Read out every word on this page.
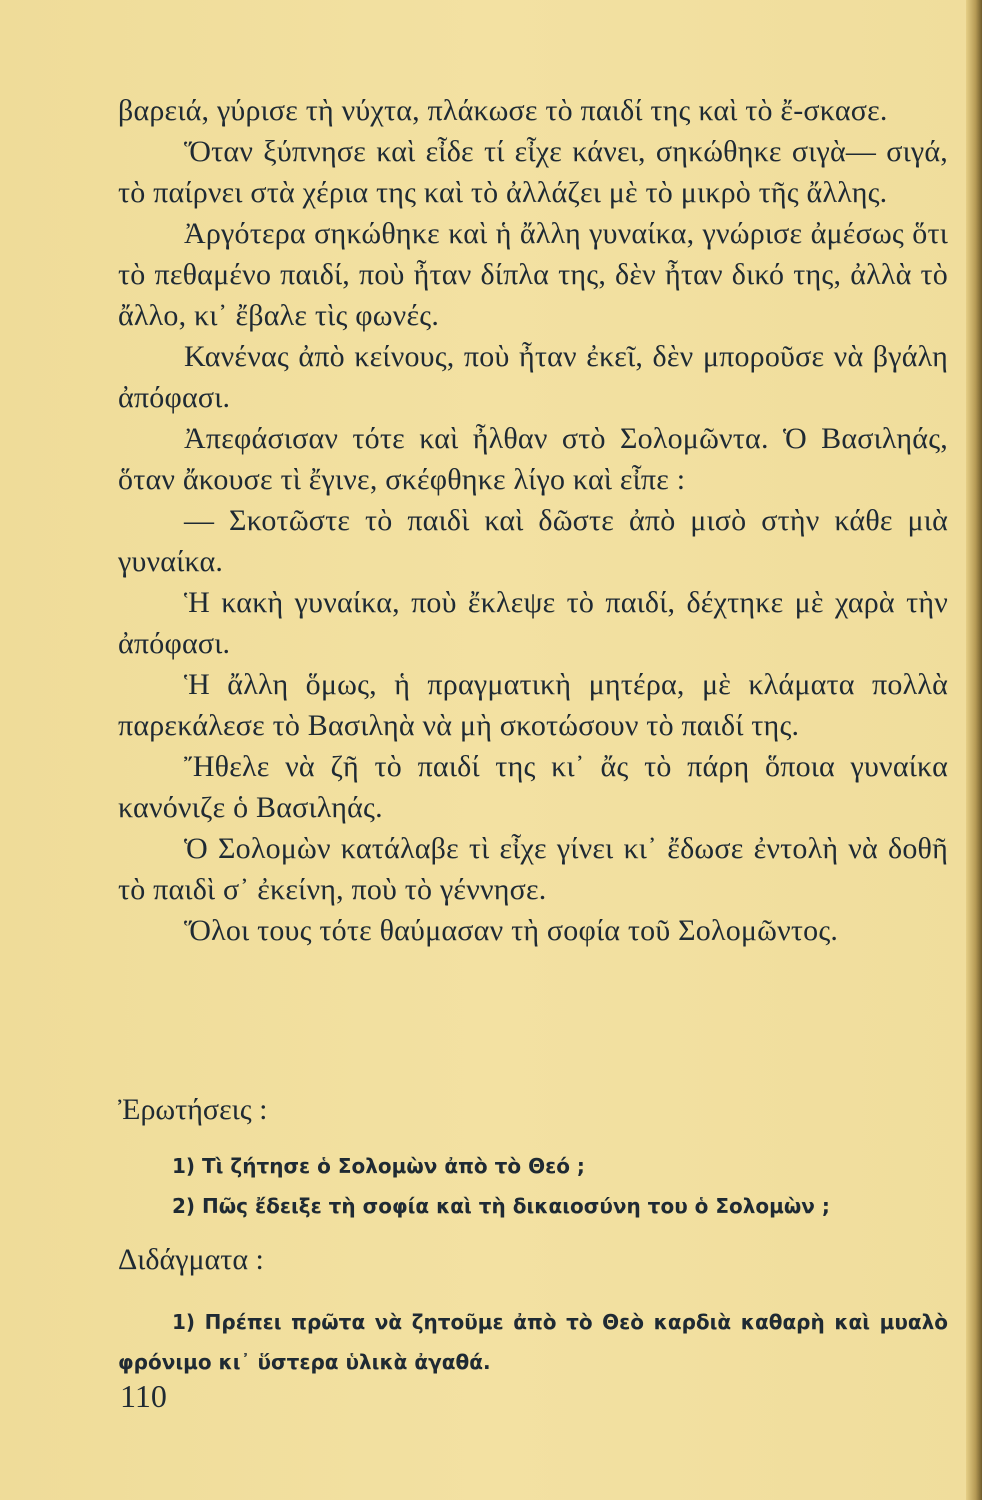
βαρειά, γύρισε τὴ νύχτα, πλάκωσε τὸ παιδί της καὶ τὸ ἔ-σκασε.

Ὅταν ξύπνησε καὶ εἶδε τί εἶχε κάνει, σηκώθηκε σιγὰ— σιγά, τὸ παίρνει στὰ χέρια της καὶ τὸ ἀλλάζει μὲ τὸ μικρὸ τῆς ἄλλης.

Ἀργότερα σηκώθηκε καὶ ἡ ἄλλη γυναίκα, γνώρισε ἀμέσως ὅτι τὸ πεθαμένο παιδί, ποὺ ἦταν δίπλα της, δὲν ἦταν δικό της, ἀλλὰ τὸ ἄλλο, κι᾽ ἔβαλε τὶς φωνές.

Κανένας ἀπὸ κείνους, ποὺ ἦταν ἐκεῖ, δὲν μποροῦσε νὰ βγάλη ἀπόφασι.

Ἀπεφάσισαν τότε καὶ ἦλθαν στὸ Σολομῶντα. Ὁ Βασιληάς, ὅταν ἄκουσε τὶ ἔγινε, σκέφθηκε λίγο καὶ εἶπε :

— Σκοτῶστε τὸ παιδὶ καὶ δῶστε ἀπὸ μισὸ στὴν κάθε μιὰ γυναίκα.

Ἡ κακὴ γυναίκα, ποὺ ἔκλεψε τὸ παιδί, δέχτηκε μὲ χαρὰ τὴν ἀπόφασι.

Ἡ ἄλλη ὅμως, ἡ πραγματικὴ μητέρα, μὲ κλάματα πολλὰ παρεκάλεσε τὸ Βασιληὰ νὰ μὴ σκοτώσουν τὸ παιδί της.

Ἤθελε νὰ ζῆ τὸ παιδί της κι᾽ ἄς τὸ πάρη ὅποια γυναίκα κανόνιζε ὁ Βασιληάς.

Ὁ Σολομὼν κατάλαβε τὶ εἶχε γίνει κι᾽ ἔδωσε ἐντολὴ νὰ δοθῆ τὸ παιδὶ σ᾽ ἐκείνη, ποὺ τὸ γέννησε.

Ὅλοι τους τότε θαύμασαν τὴ σοφία τοῦ Σολομῶντος.

Ἐρωτήσεις :

1) Τὶ ζήτησε ὁ Σολομὼν ἀπὸ τὸ Θεό ;

2) Πῶς ἔδειξε τὴ σοφία καὶ τὴ δικαιοσύνη του ὁ Σολομὼν ;

Διδάγματα :

1) Πρέπει πρῶτα νὰ ζητοῦμε ἀπὸ τὸ Θεὸ καρδιὰ καθαρὴ καὶ μυαλὸ φρόνιμο κι᾽ ὕστερα ὑλικὰ ἀγαθά.

110
